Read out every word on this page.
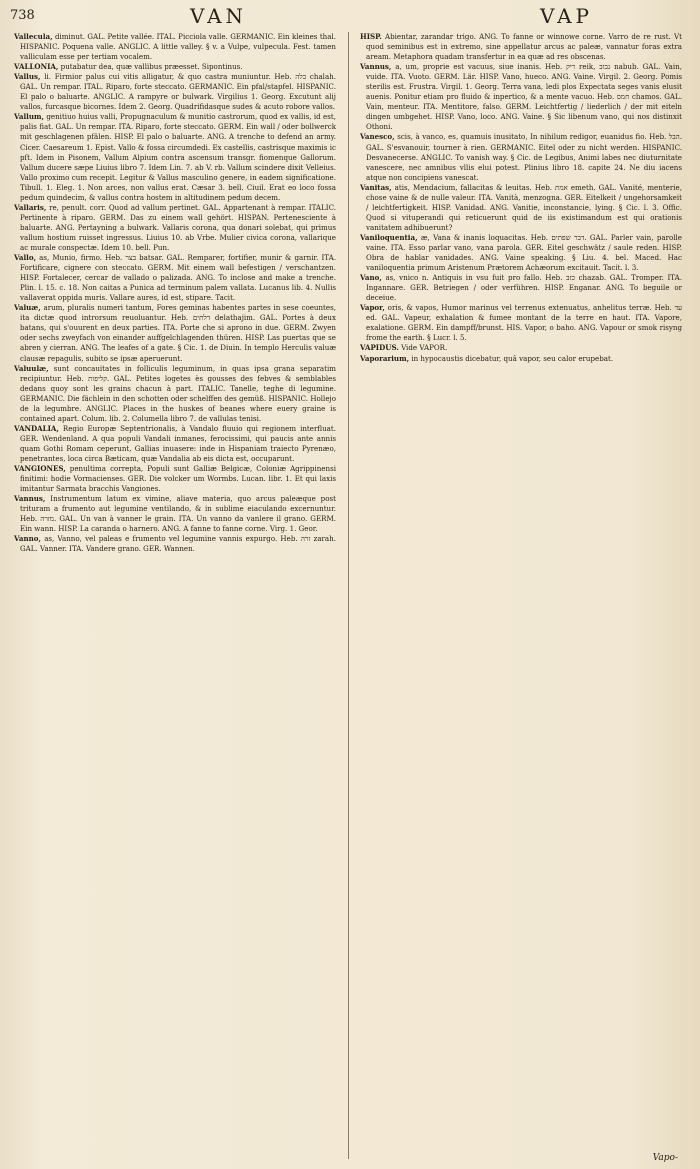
738	VAN	VAP

Vallecula, diminut. GAL. Petite vallée. ITAL. Picciola valle. GERMANIC. Ein kleines thal. HISPANIC. Poquena valle. ANGLIC. A little valley. § v. a Vulpe, vulpecula. Fest. tamen valliculam esse per tertiam vocalem.

VALLONIA, putabatur dea, quæ vallibus præesset. Sipontinus.

Vallus, li. Firmior palus cui vitis alligatur, & quo castra muniuntur. Heb. כלה chalah. GAL. Un rempar. ITAL. Riparo, forte steccato. GERMANIC. Ein pfal/stapfel. HISPANIC. El palo o baluarte. ANGLIC. A rampyre or bulwark. Virgilius 1. Georg. Excutunt alij vallos, furcasque bicornes. Idem 2. Georg. Quadrifidasque sudes & acuto robore vallos.

Vallum, genitiuo huius valli, Propugnaculum & munitio castrorum, quod ex vallis, id est, palis fiat. GAL. Un rempar. ITA. Riparo, forte steccato. GERM. Ein wall / oder bollwerck mit geschlagenen pfälen. HISP. El palo o baluarte. ANG. A trenche to defend an army. Cicer. Caesareum 1. Epist. Vallo & fossa circumdedi. Ex castellis, castrisque maximis ic pſt. Idem in Pisonem, Vallum Alpium contra ascensum transgr. fiomenque Gallorum. Vallum ducere sæpe Liuius libro 7. Idem Lin. 7. ab V. rb. Vallum scindere dixit Velleius. Vallo proximo cum recepit. Legitur & Vallus masculino genere, in eadem significatione. Tibull. 1. Eleg. 1. Non arces, non vallus erat. Cæsar 3. bell. Ciuil. Erat eo loco fossa pedum quindecim, & vallus contra hostem in altitudinem pedum decem.

Vallaris, re, penult. corr. Quod ad vallum pertinet. GAL. Appartenant à rempar. ITALIC. Pertinente à riparo. GERM. Das zu einem wall gehört. HISPAN. Pertenesciente à baluarte. ANG. Pertayning a bulwark. Vallaris corona, qua donari solebat, qui primus vallum hostium ruisset ingressus. Liuius 10. ab Vrbe. Mulier civica corona, vallarique ac murale conspectæ. Idem 10. bell. Pun.

Vallo, as, Munio, firmo. Heb. בצר batsar. GAL. Remparer, fortifier, munir & garnir. ITA. Fortificare, cignere con steccato. GERM. Mit einem wall befestigen / verschantzen. HISP. Fortalecer, cercar de vallado o palizada. ANG. To inclose and make a trenche. Plin. l. 15. c. 18. Non caitas a Punica ad terminum palem vallata. Lucanus lib. 4. Nullis vallaverat oppida muris. Vallare aures, id est, stipare. Tacit.

Valuæ, arum, pluralis numeri tantum, Fores geminas habentes partes in sese coeuntes, ita dictæ quod introrsum reuoluantur. Heb. דלתים delathajim. GAL. Portes à deux batans, qui s'ouurent en deux parties. ITA. Porte che si aprono in due. GERM. Zwyen oder sechs zweyfach von einander auffgelchlagenden thüren. HISP. Las puertas que se abren y cierran. ANG. The leafes of a gate. § Cic. 1. de Diuin. In templo Herculis valuæ clausæ repagulis, subito se ipsæ aperuerunt.

Valuulæ, sunt concauitates in folliculis leguminum, in quas ipsa grana separatim recipiuntur. Heb. קליפות. GAL. Petites logetes ès gousses des febves & semblables dedans quoy sont les grains chacun à part. ITALIC. Tanelle, teghe di legumine. GERMANIC. Die fächlein in den schotten oder schelffen des gemüß. HISPANIC. Hollejo de la legumbre. ANGLIC. Places in the huskes of beanes where euery graine is contained apart. Colum. lib. 2. Columella libro 7. de vallulas tenisi.

VANDALIA, Regio Europæ Septentrionalis, à Vandalo fluuio qui regionem interfluat. GER. Wendenland. A qua populi Vandali inmanes, ferocissimi, qui paucis ante annis quam Gothi Romam ceperunt, Gallias inuasere: inde in Hispaniam traiecto Pyrenæo, penetrantes, loca circa Bæticam, quæ Vandalia ab eis dicta est, occuparunt.

VANGIONES, penultima correpta, Populi sunt Galliæ Belgicæ, Coloniæ Agrippinensi finitimi: hodie Vormacienses. GER. Die volcker um Wormbs. Lucan. libr. 1. Et qui laxis imitantur Sarmata bracchis Vangiones.

Vannus, Instrumentum latum ex vimine, aliave materia, quo arcus paleæque post trituram a frumento aut legumine ventilando, & in sublime eiaculando excernuntur. Heb. מזרה. GAL. Un van à vanner le grain. ITA. Un vanno da vanlere il grano. GERM. Ein wann. HISP. La caranda o harnero. ANG. A fanne to fanne corne. Virg. 1. Geor.

Vanno, as, Vanno, vel paleas e frumento vel legumine vannis expurgo. Heb. זרה zarah. GAL. Vanner. ITA. Vandere grano. GER. Wannen.

HISP. Abientar, zarandar trigo. ANG. To fanne or winnowe corne. Varro de re rust. Vt quod seminibus est in extremo, sine appellatur arcus ac paleæ, vannatur foras extra aream. Metaphora quadam transfertur in ea quæ ad res obscenas.

Vannus, a, um, proprie est vacuus, siue inanis. Heb. ריק reik, נבוב nabub. GAL. Vain, vuide. ITA. Vuoto. GERM. Lär. HISP. Vano, hueco. ANG. Vaine. Virgil. 2. Georg. Pomis sterilis est. Frustra. Virgil. 1. Georg. Terra vana, ledi plos Expectata seges vanis elusit auenis. Ponitur etiam pro fluido & inpertico, & a mente vacuo. Heb. חמס chamos. GAL. Vain, menteur. ITA. Mentitore, falso. GERM. Leichtfertig / liederlich / der mit eiteln dingen umbgehet. HISP. Vano, loco. ANG. Vaine. § Sic libenum vano, qui nos distinxit Othoni.

Vanesco, scis, à vanco, es, quamuis inusitato, In nihilum redigor, euanidus fio. Heb. הבל. GAL. S'esvanouir, tourner à rien. GERMANIC. Eitel oder zu nicht werden. HISPANIC. Desvanecerse. ANGLIC. To vanish way. § Cic. de Legibus, Animi labes nec diuturnitate vanescere, nec amnibus vllis elui potest. Plinius libro 18. capite 24. Ne diu iacens atque non concipiens vanescat.

Vanitas, atis, Mendacium, fallacitas & leuitas. Heb. אמת emeth. GAL. Vanité, menterie, chose vaine & de nulle valeur. ITA. Vanità, menzogna. GER. Eitelkeit / ungehorsamkeit / leichtfertigkeit. HISP. Vanidad. ANG. Vanitie, inconstancie, lying. § Cic. l. 3. Offic. Quod si vituperandi qui reticuerunt quid de iis existimandum est qui orationis vanitatem adhibuerunt?

Vaniloquentia, æ, Vana & inanis loquacitas. Heb. דבר שפתים. GAL. Parler vain, parolle vaine. ITA. Esso parlar vano, vana parola. GER. Eitel geschwätz / saule reden. HISP. Obra de hablar vanidades. ANG. Vaine speaking. § Liu. 4. bel. Maced. Hac vaniloquentia primum Aristenum Prætorem Achæorum excitauit. Tacit. l. 3.

Vano, as, vnico n. Antiquis in vsu fuit pro fallo. Heb. כזב chazab. GAL. Tromper. ITA. Ingannare. GER. Betriegen / oder verführen. HISP. Enganar. ANG. To beguile or deceiue.

Vapor, oris, & vapos, Humor marinus vel terrenus extenuatus, anhelitus terræ. Heb. עד ed. GAL. Vapeur, exhalation & fumee montant de la terre en haut. ITA. Vapore, exalatione. GERM. Ein dampff/brunst. HIS. Vapor, o baho. ANG. Vapour or smok risyng frome the earth. § Lucr. l. 5.

VAPIDUS. Vide VAPOR.

Vaporarium, in hypocaustis dicebatur, quâ vapor, seu calor erupebat.

Vapo-
